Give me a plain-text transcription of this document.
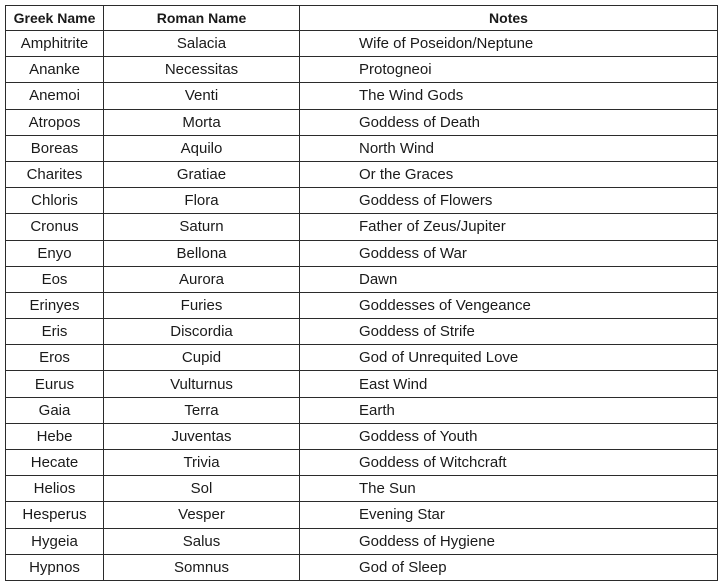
Greek Name	Roman Name	Notes
Amphitrite	Salacia	Wife of Poseidon/Neptune
Ananke	Necessitas	Protogneoi
Anemoi	Venti	The Wind Gods
Atropos	Morta	Goddess of Death
Boreas	Aquilo	North Wind
Charites	Gratiae	Or the Graces
Chloris	Flora	Goddess of Flowers
Cronus	Saturn	Father of Zeus/Jupiter
Enyo	Bellona	Goddess of War
Eos	Aurora	Dawn
Erinyes	Furies	Goddesses of Vengeance
Eris	Discordia	Goddess of Strife
Eros	Cupid	God of Unrequited Love
Eurus	Vulturnus	East Wind
Gaia	Terra	Earth
Hebe	Juventas	Goddess of Youth
Hecate	Trivia	Goddess of Witchcraft
Helios	Sol	The Sun
Hesperus	Vesper	Evening Star
Hygeia	Salus	Goddess of Hygiene
Hypnos	Somnus	God of Sleep
